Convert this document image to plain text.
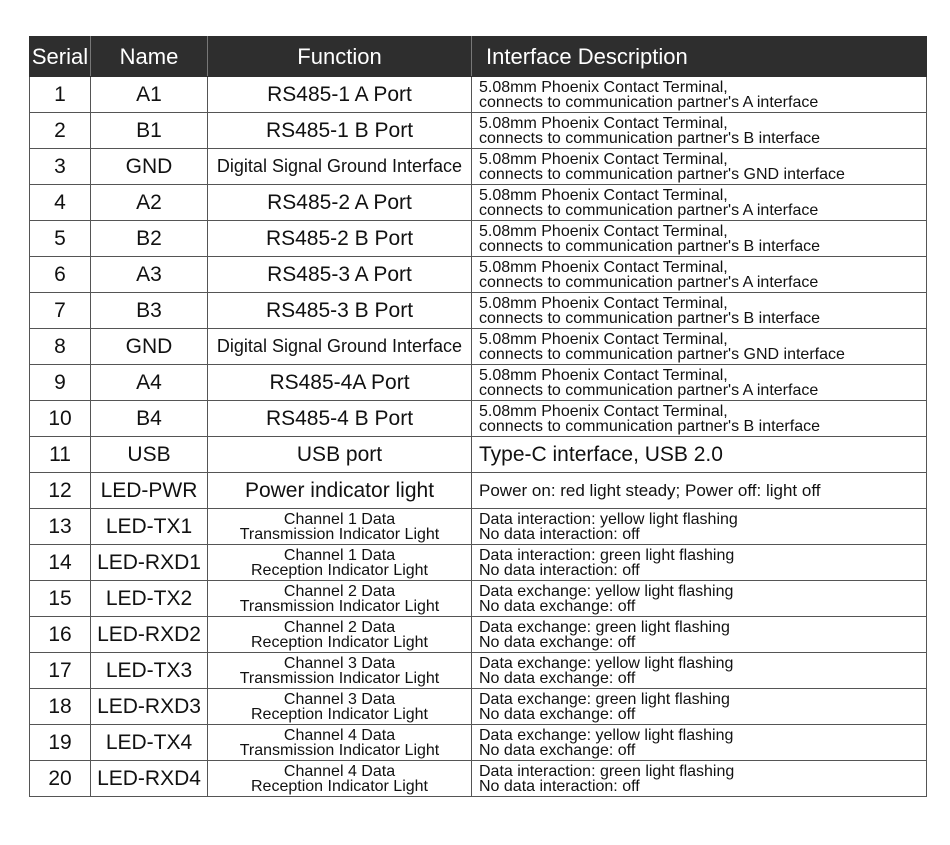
Serial	Name	Function	Interface Description
1	A1	RS485-1 A Port	5.08mm Phoenix Contact Terminal,
connects to communication partner's A interface

2	B1	RS485-1 B Port	5.08mm Phoenix Contact Terminal,
connects to communication partner's B interface

3	GND	Digital Signal Ground Interface	5.08mm Phoenix Contact Terminal,
connects to communication partner's GND interface

4	A2	RS485-2 A Port	5.08mm Phoenix Contact Terminal,
connects to communication partner's A interface

5	B2	RS485-2 B Port	5.08mm Phoenix Contact Terminal,
connects to communication partner's B interface

6	A3	RS485-3 A Port	5.08mm Phoenix Contact Terminal,
connects to communication partner's A interface

7	B3	RS485-3 B Port	5.08mm Phoenix Contact Terminal,
connects to communication partner's B interface

8	GND	Digital Signal Ground Interface	5.08mm Phoenix Contact Terminal,
connects to communication partner's GND interface

9	A4	RS485-4A Port	5.08mm Phoenix Contact Terminal,
connects to communication partner's A interface

10	B4	RS485-4 B Port	5.08mm Phoenix Contact Terminal,
connects to communication partner's B interface

11	USB	USB port	Type-C interface, USB 2.0

12	LED-PWR	Power indicator light	Power on: red light steady; Power off: light off

13	LED-TX1	Channel 1 Data
Transmission Indicator Light	Data interaction: yellow light flashing
No data interaction: off

14	LED-RXD1	Channel 1 Data
Reception Indicator Light	Data interaction: green light flashing
No data interaction: off

15	LED-TX2	Channel 2 Data
Transmission Indicator Light	Data exchange: yellow light flashing
No data exchange: off

16	LED-RXD2	Channel 2 Data
Reception Indicator Light	Data exchange: green light flashing
No data exchange: off

17	LED-TX3	Channel 3 Data
Transmission Indicator Light	Data exchange: yellow light flashing
No data exchange: off

18	LED-RXD3	Channel 3 Data
Reception Indicator Light	Data exchange: green light flashing
No data exchange: off

19	LED-TX4	Channel 4 Data
Transmission Indicator Light	Data exchange: yellow light flashing
No data exchange: off

20	LED-RXD4	Channel 4 Data
Reception Indicator Light	Data interaction: green light flashing
No data interaction: off
